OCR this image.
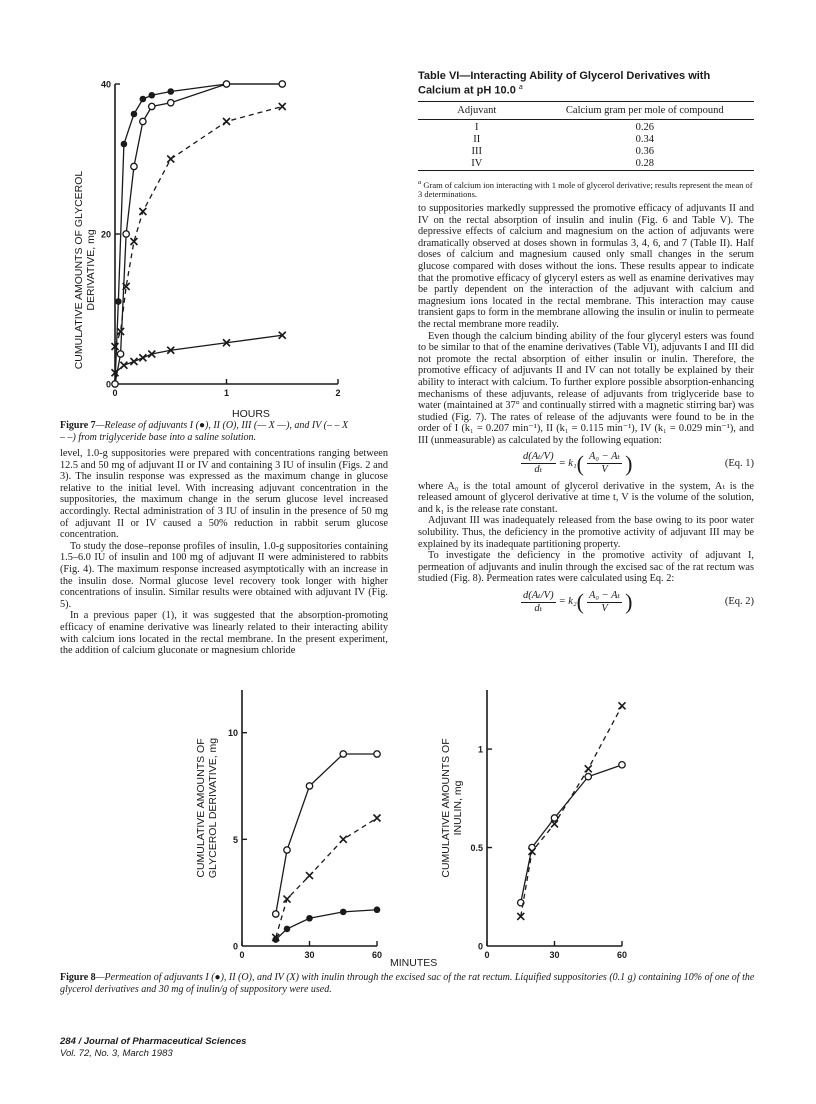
CUMULATIVE AMOUNTS OF GLYCEROL DERIVATIVE, mg
0	1	2
20
40
0
HOURS
Figure 7—Release of adjuvants I (●), II (O), III (— X —), and IV (– – X – –) from triglyceride base into a saline solution.

level, 1.0-g suppositories were prepared with concentrations ranging between 12.5 and 50 mg of adjuvant II or IV and containing 3 IU of insulin (Figs. 2 and 3). The insulin response was expressed as the maximum change in glucose relative to the initial level. With increasing adjuvant concentration in the suppositories, the maximum change in the serum glucose level increased accordingly. Rectal administration of 3 IU of insulin in the presence of 50 mg of adjuvant II or IV caused a 50% reduction in rabbit serum glucose concentration.

To study the dose–reponse profiles of insulin, 1.0-g suppositories containing 1.5–6.0 IU of insulin and 100 mg of adjuvant II were administered to rabbits (Fig. 4). The maximum response increased asymptotically with an increase in the insulin dose. Normal glucose level recovery took longer with higher concentrations of insulin. Similar results were obtained with adjuvant IV (Fig. 5).

In a previous paper (1), it was suggested that the absorption-promoting efficacy of enamine derivative was linearly related to their interacting ability with calcium ions located in the rectal membrane. In the present experiment, the addition of calcium gluconate or magnesium chloride

Table VI—Interacting Ability of Glycerol Derivatives with Calcium at pH 10.0 $^a$
Adjuvant	Calcium gram per mole of compound
I	0.26
II	0.34
III	0.36
IV	0.28
$^a$ Gram of calcium ion interacting with 1 mole of glycerol derivative; results represent the mean of 3 determinations.

to suppositories markedly suppressed the promotive efficacy of adjuvants II and IV on the rectal absorption of insulin and inulin (Fig. 6 and Table V). The depressive effects of calcium and magnesium on the action of adjuvants were dramatically observed at doses shown in formulas 3, 4, 6, and 7 (Table II). Half doses of calcium and magnesium caused only small changes in the serum glucose compared with doses without the ions. These results appear to indicate that the promotive efficacy of glyceryl esters as well as enamine derivatives may be partly dependent on the interaction of the adjuvant with calcium and magnesium ions located in the rectal membrane. This interaction may cause transient gaps to form in the membrane allowing the insulin or inulin to permeate the rectal membrane more readily.

Even though the calcium binding ability of the four glyceryl esters was found to be similar to that of the enamine derivatives (Table VI), adjuvants I and III did not promote the rectal absorption of either insulin or inulin. Therefore, the promotive efficacy of adjuvants II and IV can not totally be explained by their ability to interact with calcium. To further explore possible absorption-enhancing mechanisms of these adjuvants, release of adjuvants from triglyceride base to water (maintained at 37° and continually stirred with a magnetic stirring bar) was studied (Fig. 7). The rates of release of the adjuvants were found to be in the order of I (k₁ = 0.207 min⁻¹), II (k₁ = 0.115 min⁻¹), IV (k₁ = 0.029 min⁻¹), and III (unmeasurable) as calculated by the following equation:

$\frac{\text{d(Aₜ/V)}}{\text{dₜ}} = k_1$ ( $\frac{\text{A₀ − Aₜ}}{V}$ )	(Eq. 1)

where A₀ is the total amount of glycerol derivative in the system, Aₜ is the released amount of glycerol derivative at time t, V is the volume of the solution, and k₁ is the release rate constant.

Adjuvant III was inadequately released from the base owing to its poor water solubility. Thus, the deficiency in the promotive activity of adjuvant III may be explained by its inadequate partitioning property.

To investigate the deficiency in the promotive activity of adjuvant I, permeation of adjuvants and inulin through the excised sac of the rat rectum was studied (Fig. 8). Permeation rates were calculated using Eq. 2:

$\frac{\text{d(Aₜ/V)}}{\text{dₜ}} = k_2$ ( $\frac{\text{A₀ − Aₜ}}{V}$ )	(Eq. 2)
CUMULATIVE AMOUNTS OF GLYCEROL DERIVATIVE, mg
0	30	60
5
10
0
CUMULATIVE AMOUNTS OF INULIN, mg
0	30	60
0.5
1
0
MINUTES
Figure 8—Permeation of adjuvants I (●), II (O), and IV (X) with inulin through the excised sac of the rat rectum. Liquified suppositories (0.1 g) containing 10% of one of the glycerol derivatives and 30 mg of inulin/g of suppository were used.
284 / Journal of Pharmaceutical Sciences
Vol. 72, No. 3, March 1983
